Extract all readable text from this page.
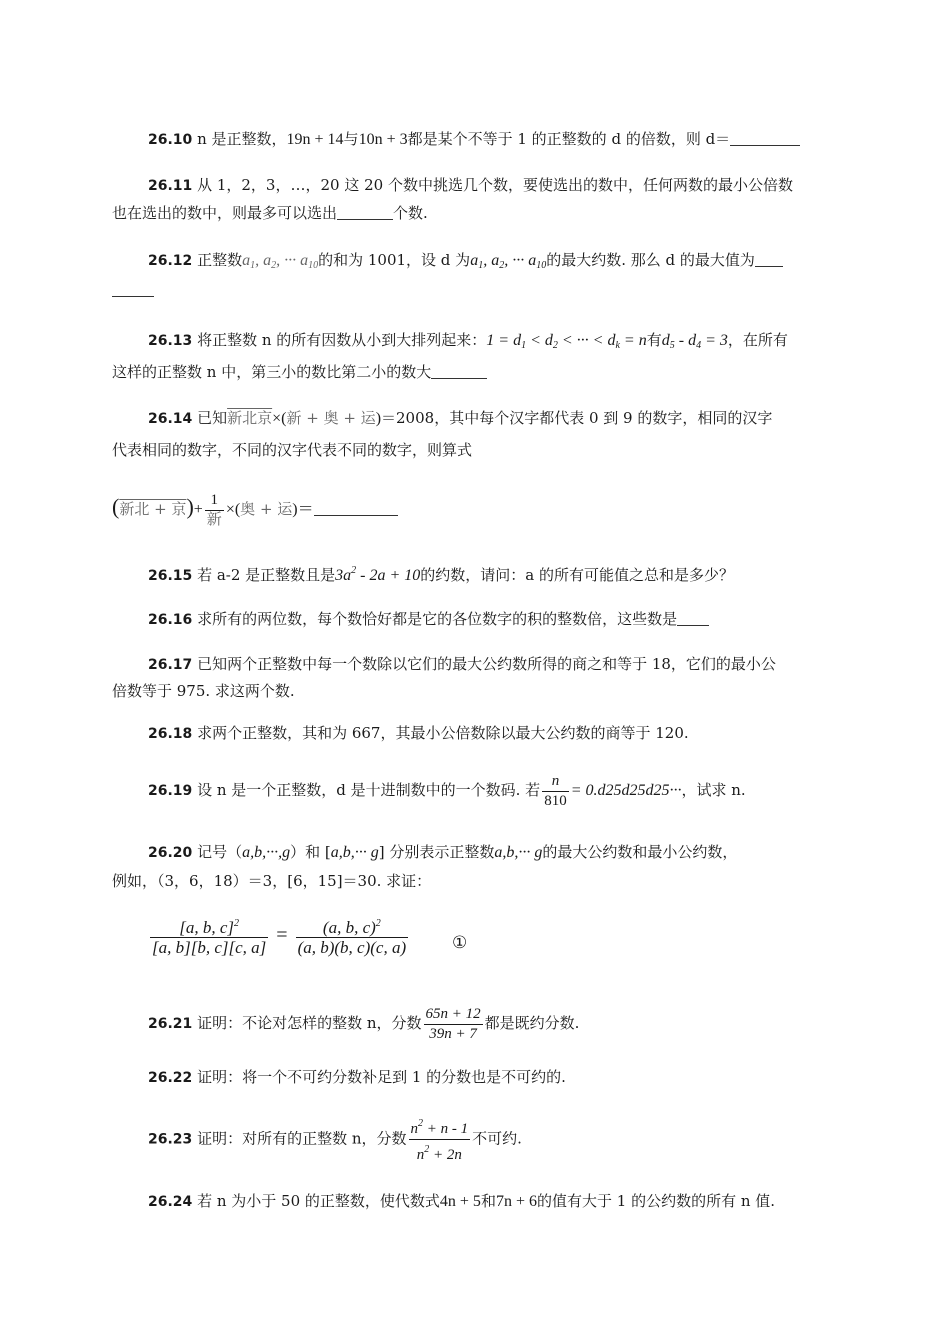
26.10 n 是正整数，19n + 14与10n + 3都是某个不等于 1 的正整数的 d 的倍数，则 d＝
26.11 从 1，2，3，…，20 这 20 个数中挑选几个数，要使选出的数中，任何两数的最小公倍数
也在选出的数中，则最多可以选出	个数.
26.12 正整数$a_1$, $a_2$, ··· $a_{10}$的和为 1001，设 d 为$a_1$, $a_2$, ··· $a_{10}$的最大约数. 那么 d 的最大值为
26.13 将正整数 n 的所有因数从小到大排列起来：$1 = d_1 < d_2$ < ··· < $d_k = n$有$d_5 - d_4 = 3$，在所有
这样的正整数 n 中，第三小的数比第二小的数大
26.14 已知新北京×(新 + 奥 + 运)＝2008，其中每个汉字都代表 0 到 9 的数字，相同的汉字
代表相同的数字，不同的汉字代表不同的数字，则算式
(新北 + 京)+ $\frac{1}{\text{新}}$ ×(奥 + 运)＝
26.15 若 a-2 是正整数且是$3a^2 - 2a + 10$的约数，请问：a 的所有可能值之总和是多少？
26.16 求所有的两位数，每个数恰好都是它的各位数字的积的整数倍，这些数是
26.17 已知两个正整数中每一个数除以它们的最大公约数所得的商之和等于 18，它们的最小公
倍数等于 975. 求这两个数.
26.18 求两个正整数，其和为 667，其最小公倍数除以最大公约数的商等于 120.
26.19 设 n 是一个正整数，d 是十进制数中的一个数码. 若 $\frac{n}{810} = 0.d25d25d25\cdot\cdot\cdot$，试求 n.
26.20 记号（a,b,···,g）和 [a,b,··· g] 分别表示正整数a,b,··· g的最大公约数和最小公约数，
例如，（3，6，18）＝3，[6，15]＝30. 求证：
$\frac{[a, b, c]^2}{[a, b][b, c][c, a]} = \frac{(a, b, c)^2}{(a, b)(b, c)(c, a)}$	①
26.21 证明：不论对怎样的整数 n，分数 $\frac{65n + 12}{39n + 7}$ 都是既约分数.
26.22 证明：将一个不可约分数补足到 1 的分数也是不可约的.
26.23 证明：对所有的正整数 n，分数 $\frac{n^2 + n - 1}{n^2 + 2n}$ 不可约.
26.24 若 n 为小于 50 的正整数，使代数式4n + 5和7n + 6的值有大于 1 的公约数的所有 n 值.
